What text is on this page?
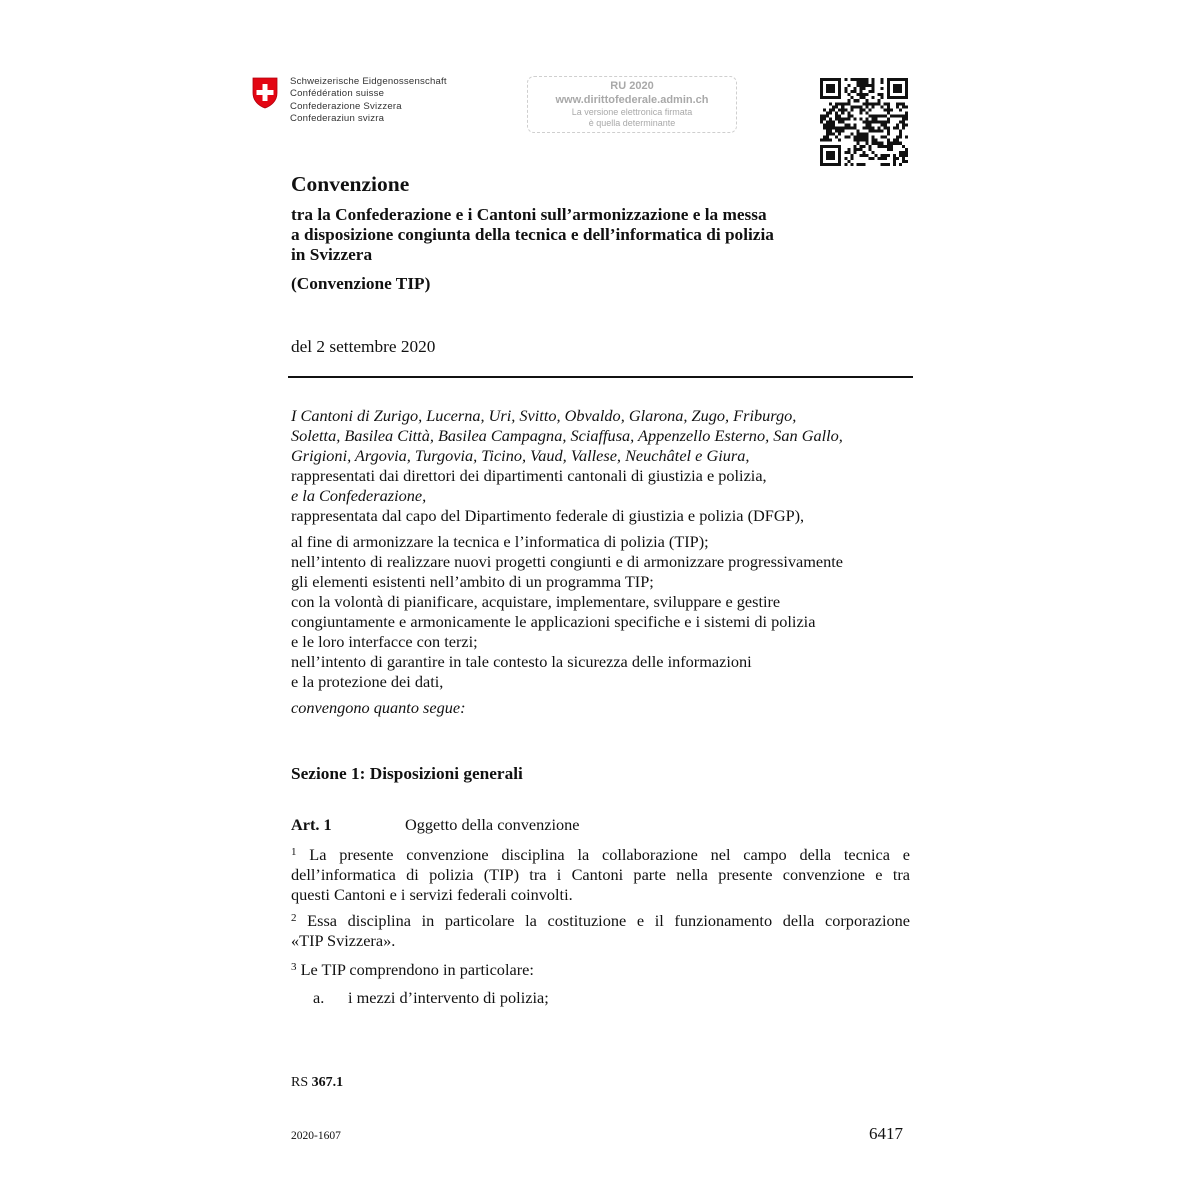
Schweizerische Eidgenossenschaft
Confédération suisse
Confederazione Svizzera
Confederaziun svizra
RU 2020
www.dirittofederale.admin.ch
La versione elettronica firmata
è quella determinante
Convenzione
tra la Confederazione e i Cantoni sull’armonizzazione e la messa
a disposizione congiunta della tecnica e dell’informatica di polizia
in Svizzera
(Convenzione TIP)
del 2 settembre 2020
I Cantoni di Zurigo, Lucerna, Uri, Svitto, Obvaldo, Glarona, Zugo, Friburgo,
Soletta, Basilea Città, Basilea Campagna, Sciaffusa, Appenzello Esterno, San Gallo,
Grigioni, Argovia, Turgovia, Ticino, Vaud, Vallese, Neuchâtel e Giura,
rappresentati dai direttori dei dipartimenti cantonali di giustizia e polizia,
e la Confederazione,
rappresentata dal capo del Dipartimento federale di giustizia e polizia (DFGP),
al fine di armonizzare la tecnica e l’informatica di polizia (TIP);
nell’intento di realizzare nuovi progetti congiunti e di armonizzare progressivamente
gli elementi esistenti nell’ambito di un programma TIP;
con la volontà di pianificare, acquistare, implementare, sviluppare e gestire
congiuntamente e armonicamente le applicazioni specifiche e i sistemi di polizia
e le loro interfacce con terzi;
nell’intento di garantire in tale contesto la sicurezza delle informazioni
e la protezione dei dati,
convengono quanto segue:
Sezione 1: Disposizioni generali
Art. 1	Oggetto della convenzione
$^1$ La presente convenzione disciplina la collaborazione nel campo della tecnica e
dell’informatica di polizia (TIP) tra i Cantoni parte nella presente convenzione e tra
questi Cantoni e i servizi federali coinvolti.
$^2$ Essa disciplina in particolare la costituzione e il funzionamento della corporazione
«TIP Svizzera».
$^3$ Le TIP comprendono in particolare:
a. i mezzi d’intervento di polizia;
RS 367.1
2020-1607	6417
